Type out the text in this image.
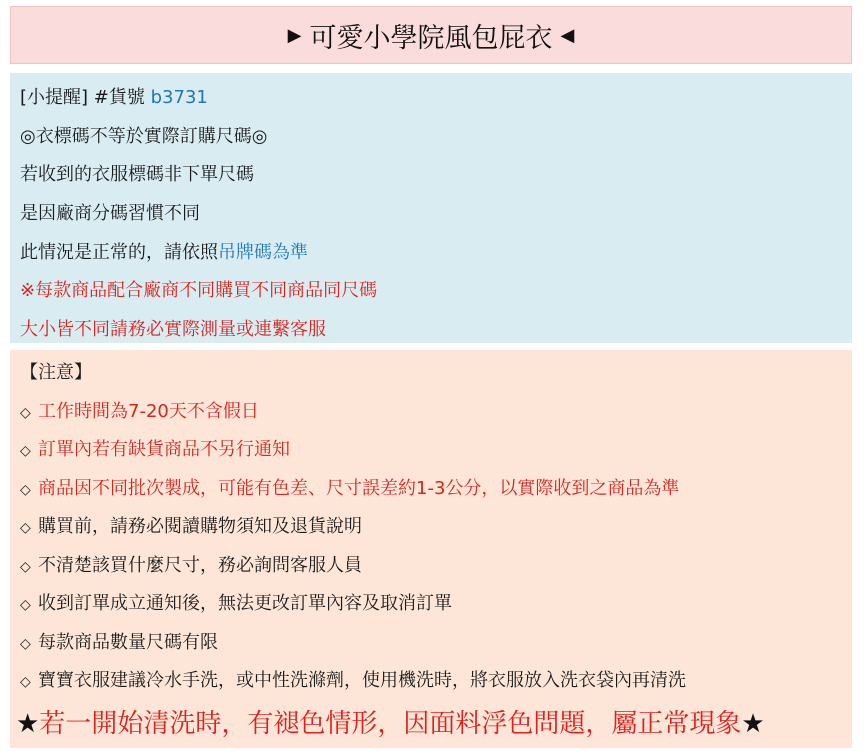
▶ 可愛小學院風包屁衣 ◀
[小提醒] #貨號 b3731
◎衣標碼不等於實際訂購尺碼◎
若收到的衣服標碼非下單尺碼
是因廠商分碼習慣不同
此情況是正常的，請依照吊牌碼為準
※每款商品配合廠商不同購買不同商品同尺碼
大小皆不同請務必實際測量或連繫客服
【注意】
◇ 工作時間為7-20天不含假日
◇ 訂單內若有缺貨商品不另行通知
◇ 商品因不同批次製成，可能有色差、尺寸誤差約1-3公分，以實際收到之商品為準
◇ 購買前，請務必閱讀購物須知及退貨說明
◇ 不清楚該買什麼尺寸，務必詢問客服人員
◇ 收到訂單成立通知後，無法更改訂單內容及取消訂單
◇ 每款商品數量尺碼有限
◇ 寶寶衣服建議冷水手洗，或中性洗滌劑，使用機洗時，將衣服放入洗衣袋內再清洗
★若一開始清洗時，有褪色情形，因面料浮色問題，屬正常現象★
